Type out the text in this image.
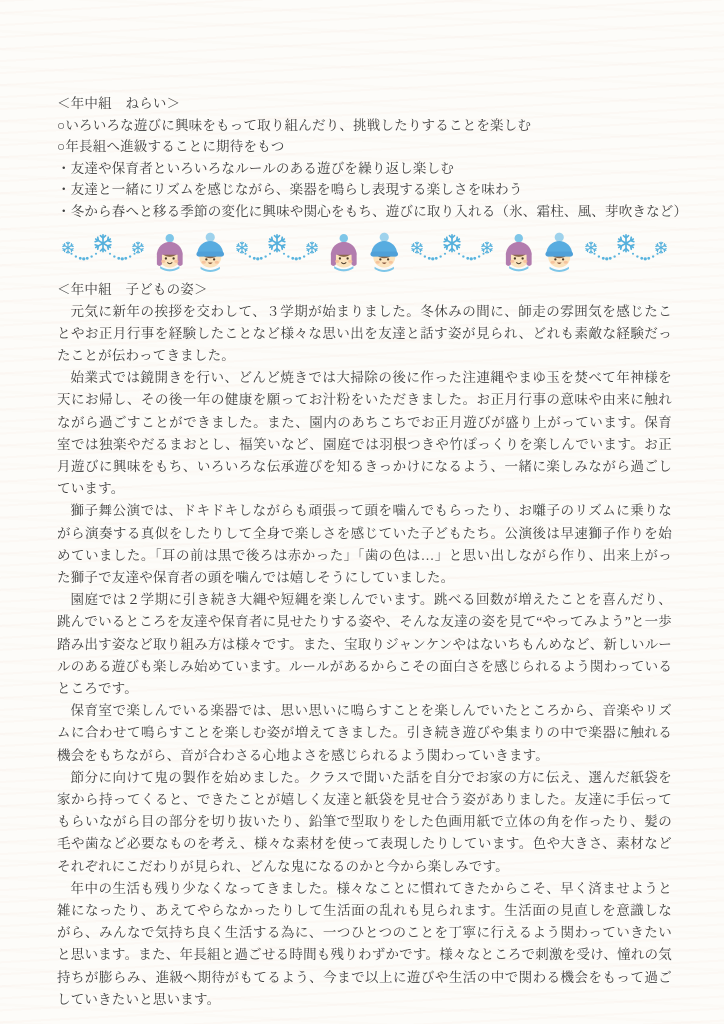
＜年中組　ねらい＞
○いろいろな遊びに興味をもって取り組んだり、挑戦したりすることを楽しむ
○年長組へ進級することに期待をもつ
・友達や保育者といろいろなルールのある遊びを繰り返し楽しむ
・友達と一緒にリズムを感じながら、楽器を鳴らし表現する楽しさを味わう
・冬から春へと移る季節の変化に興味や関心をもち、遊びに取り入れる（氷、霜柱、風、芽吹きなど）
＜年中組　子どもの姿＞

元気に新年の挨拶を交わして、３学期が始まりました。冬休みの間に、師走の雰囲気を感じたことやお正月行事を経験したことなど様々な思い出を友達と話す姿が見られ、どれも素敵な経験だったことが伝わってきました。

始業式では鏡開きを行い、どんど焼きでは大掃除の後に作った注連縄やまゆ玉を焚べて年神様を天にお帰し、その後一年の健康を願ってお汁粉をいただきました。お正月行事の意味や由来に触れながら過ごすことができました。また、園内のあちこちでお正月遊びが盛り上がっています。保育室では独楽やだるまおとし、福笑いなど、園庭では羽根つきや竹ぽっくりを楽しんでいます。お正月遊びに興味をもち、いろいろな伝承遊びを知るきっかけになるよう、一緒に楽しみながら過ごしています。

獅子舞公演では、ドキドキしながらも頑張って頭を噛んでもらったり、お囃子のリズムに乗りながら演奏する真似をしたりして全身で楽しさを感じていた子どもたち。公演後は早速獅子作りを始めていました。「耳の前は黒で後ろは赤かった」「歯の色は…」と思い出しながら作り、出来上がった獅子で友達や保育者の頭を噛んでは嬉しそうにしていました。

園庭では２学期に引き続き大縄や短縄を楽しんでいます。跳べる回数が増えたことを喜んだり、跳んでいるところを友達や保育者に見せたりする姿や、そんな友達の姿を見て“やってみよう”と一歩踏み出す姿など取り組み方は様々です。また、宝取りジャンケンやはないちもんめなど、新しいルールのある遊びも楽しみ始めています。ルールがあるからこその面白さを感じられるよう関わっているところです。

保育室で楽しんでいる楽器では、思い思いに鳴らすことを楽しんでいたところから、音楽やリズムに合わせて鳴らすことを楽しむ姿が増えてきました。引き続き遊びや集まりの中で楽器に触れる機会をもちながら、音が合わさる心地よさを感じられるよう関わっていきます。

節分に向けて鬼の製作を始めました。クラスで聞いた話を自分でお家の方に伝え、選んだ紙袋を家から持ってくると、できたことが嬉しく友達と紙袋を見せ合う姿がありました。友達に手伝ってもらいながら目の部分を切り抜いたり、鉛筆で型取りをした色画用紙で立体の角を作ったり、髪の毛や歯など必要なものを考え、様々な素材を使って表現したりしています。色や大きさ、素材などそれぞれにこだわりが見られ、どんな鬼になるのかと今から楽しみです。

年中の生活も残り少なくなってきました。様々なことに慣れてきたからこそ、早く済ませようと雑になったり、あえてやらなかったりして生活面の乱れも見られます。生活面の見直しを意識しながら、みんなで気持ち良く生活する為に、一つひとつのことを丁寧に行えるよう関わっていきたいと思います。また、年長組と過ごせる時間も残りわずかです。様々なところで刺激を受け、憧れの気持ちが膨らみ、進級へ期待がもてるよう、今まで以上に遊びや生活の中で関わる機会をもって過ごしていきたいと思います。
